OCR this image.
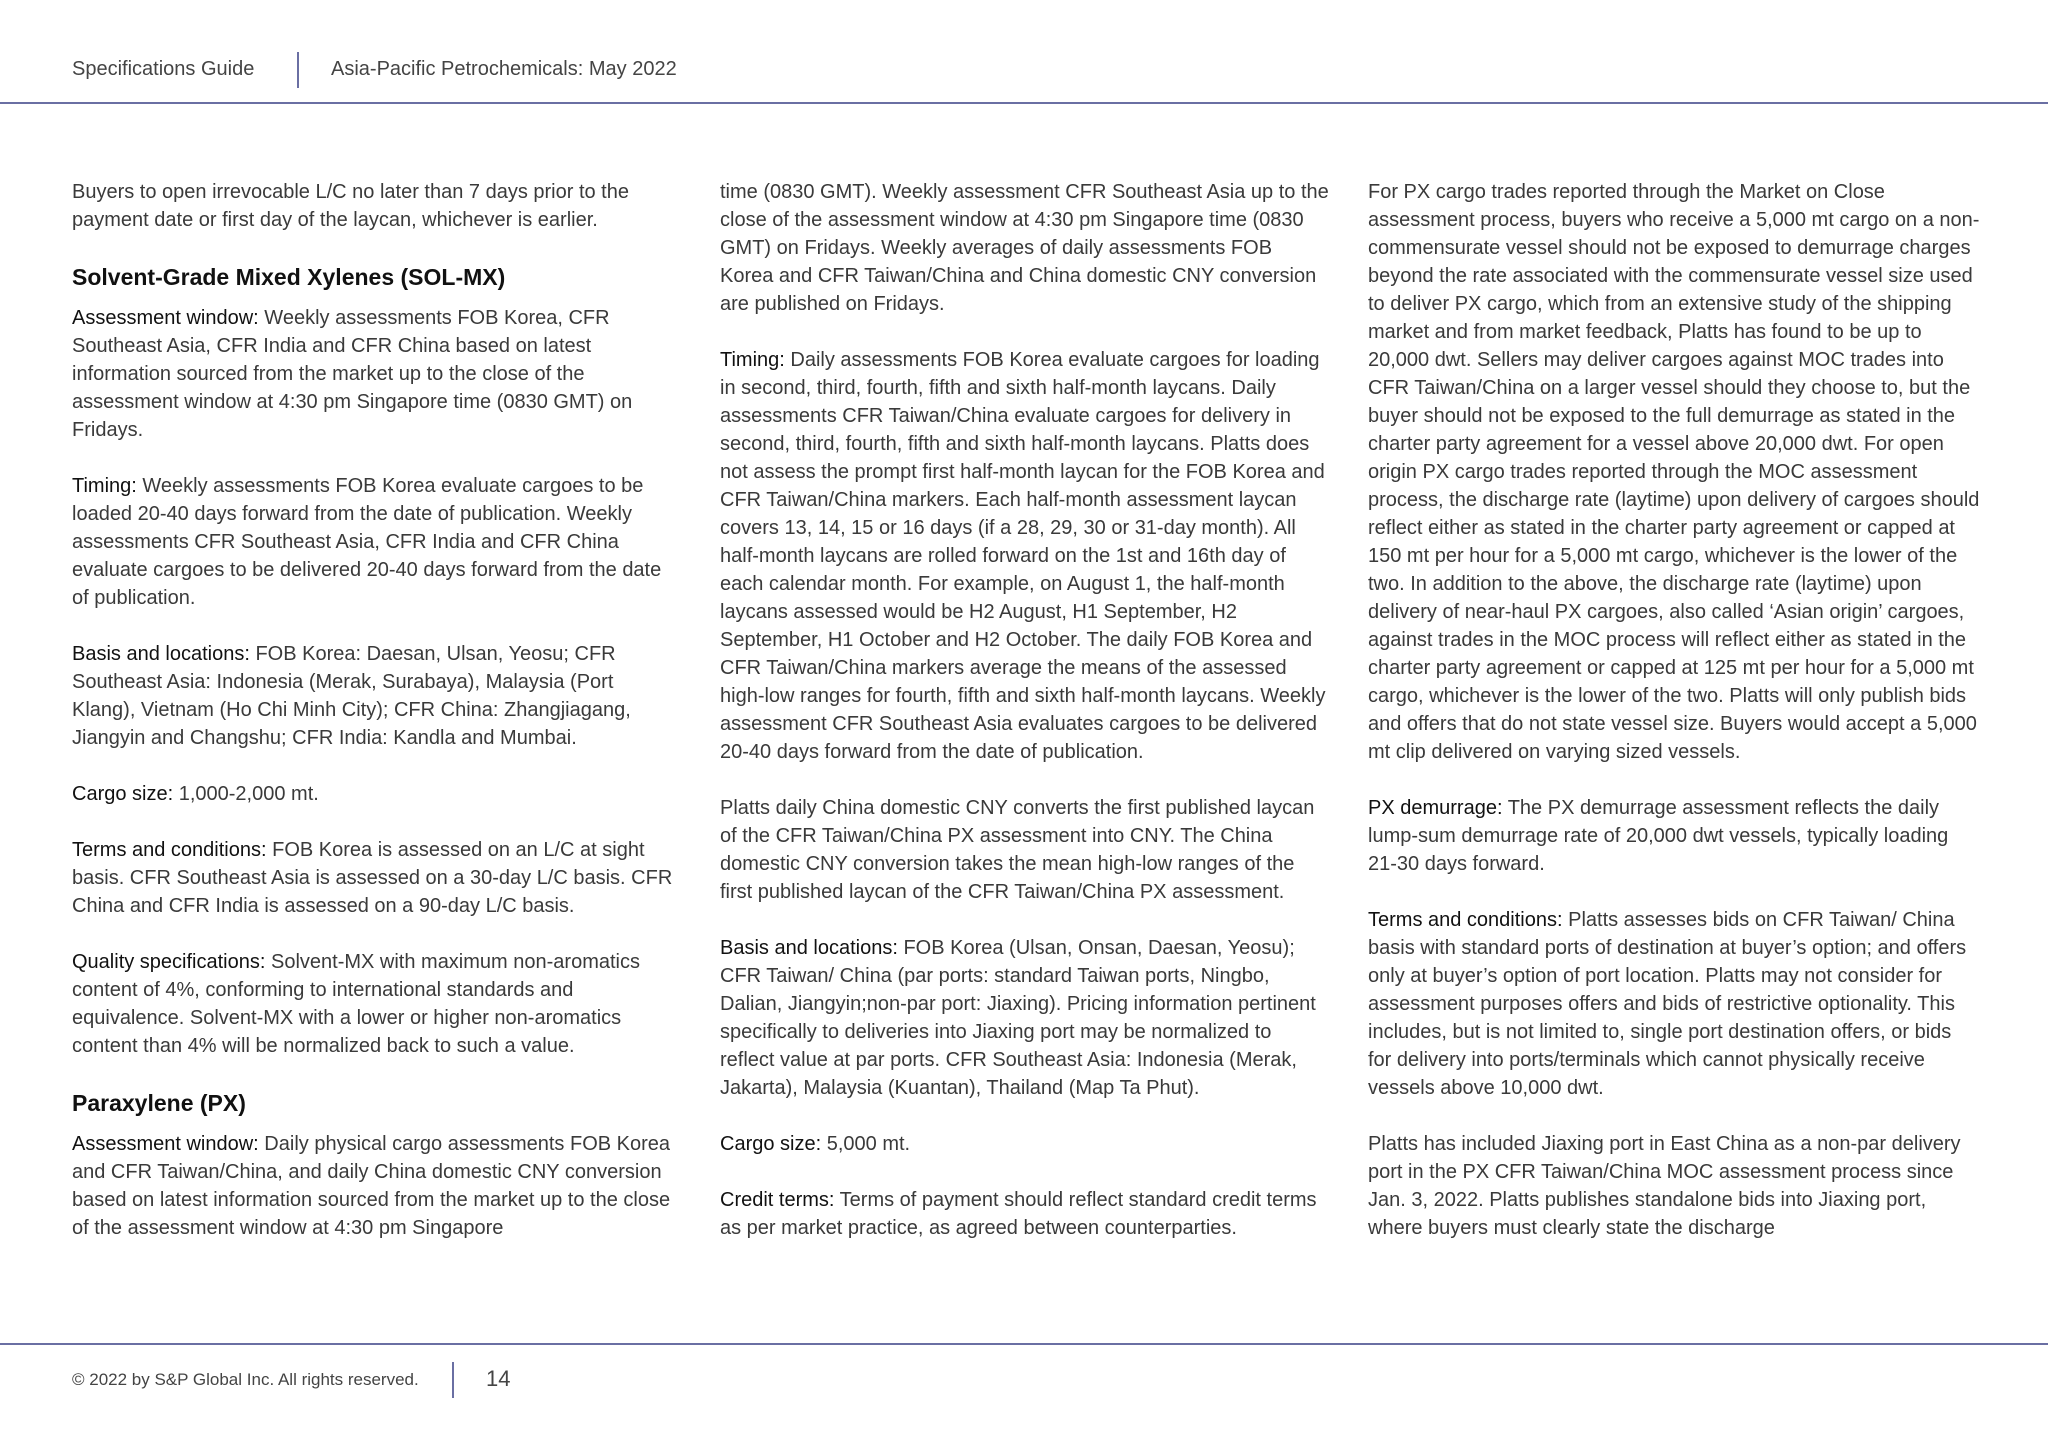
Specifications Guide	Asia-Pacific Petrochemicals: May 2022

Buyers to open irrevocable L/C no later than 7 days prior to the payment date or first day of the laycan, whichever is earlier.

Solvent-Grade Mixed Xylenes (SOL-MX)

Assessment window: Weekly assessments FOB Korea, CFR Southeast Asia, CFR India and CFR China based on latest information sourced from the market up to the close of the assessment window at 4:30 pm Singapore time (0830 GMT) on Fridays.

Timing: Weekly assessments FOB Korea evaluate cargoes to be loaded 20-40 days forward from the date of publication. Weekly assessments CFR Southeast Asia, CFR India and CFR China evaluate cargoes to be delivered 20-40 days forward from the date of publication.

Basis and locations: FOB Korea: Daesan, Ulsan, Yeosu; CFR Southeast Asia: Indonesia (Merak, Surabaya), Malaysia (Port Klang), Vietnam (Ho Chi Minh City); CFR China: Zhangjiagang, Jiangyin and Changshu; CFR India: Kandla and Mumbai.

Cargo size: 1,000-2,000 mt.

Terms and conditions: FOB Korea is assessed on an L/C at sight basis. CFR Southeast Asia is assessed on a 30-day L/C basis. CFR China and CFR India is assessed on a 90-day L/C basis.

Quality specifications: Solvent-MX with maximum non-aromatics content of 4%, conforming to international standards and equivalence. Solvent-MX with a lower or higher non-aromatics content than 4% will be normalized back to such a value.

Paraxylene (PX)

Assessment window: Daily physical cargo assessments FOB Korea and CFR Taiwan/China, and daily China domestic CNY conversion based on latest information sourced from the market up to the close of the assessment window at 4:30 pm Singapore

time (0830 GMT). Weekly assessment CFR Southeast Asia up to the close of the assessment window at 4:30 pm Singapore time (0830 GMT) on Fridays. Weekly averages of daily assessments FOB Korea and CFR Taiwan/China and China domestic CNY conversion are published on Fridays.

Timing: Daily assessments FOB Korea evaluate cargoes for loading in second, third, fourth, fifth and sixth half-month laycans. Daily assessments CFR Taiwan/China evaluate cargoes for delivery in second, third, fourth, fifth and sixth half-month laycans. Platts does not assess the prompt first half-month laycan for the FOB Korea and CFR Taiwan/China markers. Each half-month assessment laycan covers 13, 14, 15 or 16 days (if a 28, 29, 30 or 31-day month). All half-month laycans are rolled forward on the 1st and 16th day of each calendar month. For example, on August 1, the half-month laycans assessed would be H2 August, H1 September, H2 September, H1 October and H2 October. The daily FOB Korea and CFR Taiwan/China markers average the means of the assessed high-low ranges for fourth, fifth and sixth half-month laycans. Weekly assessment CFR Southeast Asia evaluates cargoes to be delivered 20-40 days forward from the date of publication.

Platts daily China domestic CNY converts the first published laycan of the CFR Taiwan/China PX assessment into CNY. The China domestic CNY conversion takes the mean high-low ranges of the first published laycan of the CFR Taiwan/China PX assessment.

Basis and locations: FOB Korea (Ulsan, Onsan, Daesan, Yeosu); CFR Taiwan/ China (par ports: standard Taiwan ports, Ningbo, Dalian, Jiangyin;non-par port: Jiaxing). Pricing information pertinent specifically to deliveries into Jiaxing port may be normalized to reflect value at par ports. CFR Southeast Asia: Indonesia (Merak, Jakarta), Malaysia (Kuantan), Thailand (Map Ta Phut).

Cargo size: 5,000 mt.

Credit terms: Terms of payment should reflect standard credit terms as per market practice, as agreed between counterparties.

For PX cargo trades reported through the Market on Close assessment process, buyers who receive a 5,000 mt cargo on a non-commensurate vessel should not be exposed to demurrage charges beyond the rate associated with the commensurate vessel size used to deliver PX cargo, which from an extensive study of the shipping market and from market feedback, Platts has found to be up to 20,000 dwt. Sellers may deliver cargoes against MOC trades into CFR Taiwan/China on a larger vessel should they choose to, but the buyer should not be exposed to the full demurrage as stated in the charter party agreement for a vessel above 20,000 dwt. For open origin PX cargo trades reported through the MOC assessment process, the discharge rate (laytime) upon delivery of cargoes should reflect either as stated in the charter party agreement or capped at 150 mt per hour for a 5,000 mt cargo, whichever is the lower of the two. In addition to the above, the discharge rate (laytime) upon delivery of near-haul PX cargoes, also called ‘Asian origin’ cargoes, against trades in the MOC process will reflect either as stated in the charter party agreement or capped at 125 mt per hour for a 5,000 mt cargo, whichever is the lower of the two. Platts will only publish bids and offers that do not state vessel size. Buyers would accept a 5,000 mt clip delivered on varying sized vessels.

PX demurrage: The PX demurrage assessment reflects the daily lump-sum demurrage rate of 20,000 dwt vessels, typically loading 21-30 days forward.

Terms and conditions: Platts assesses bids on CFR Taiwan/ China basis with standard ports of destination at buyer’s option; and offers only at buyer’s option of port location. Platts may not consider for assessment purposes offers and bids of restrictive optionality. This includes, but is not limited to, single port destination offers, or bids for delivery into ports/terminals which cannot physically receive vessels above 10,000 dwt.

Platts has included Jiaxing port in East China as a non-par delivery port in the PX CFR Taiwan/China MOC assessment process since Jan. 3, 2022. Platts publishes standalone bids into Jiaxing port, where buyers must clearly state the discharge

© 2022 by S&P Global Inc. All rights reserved.	14
